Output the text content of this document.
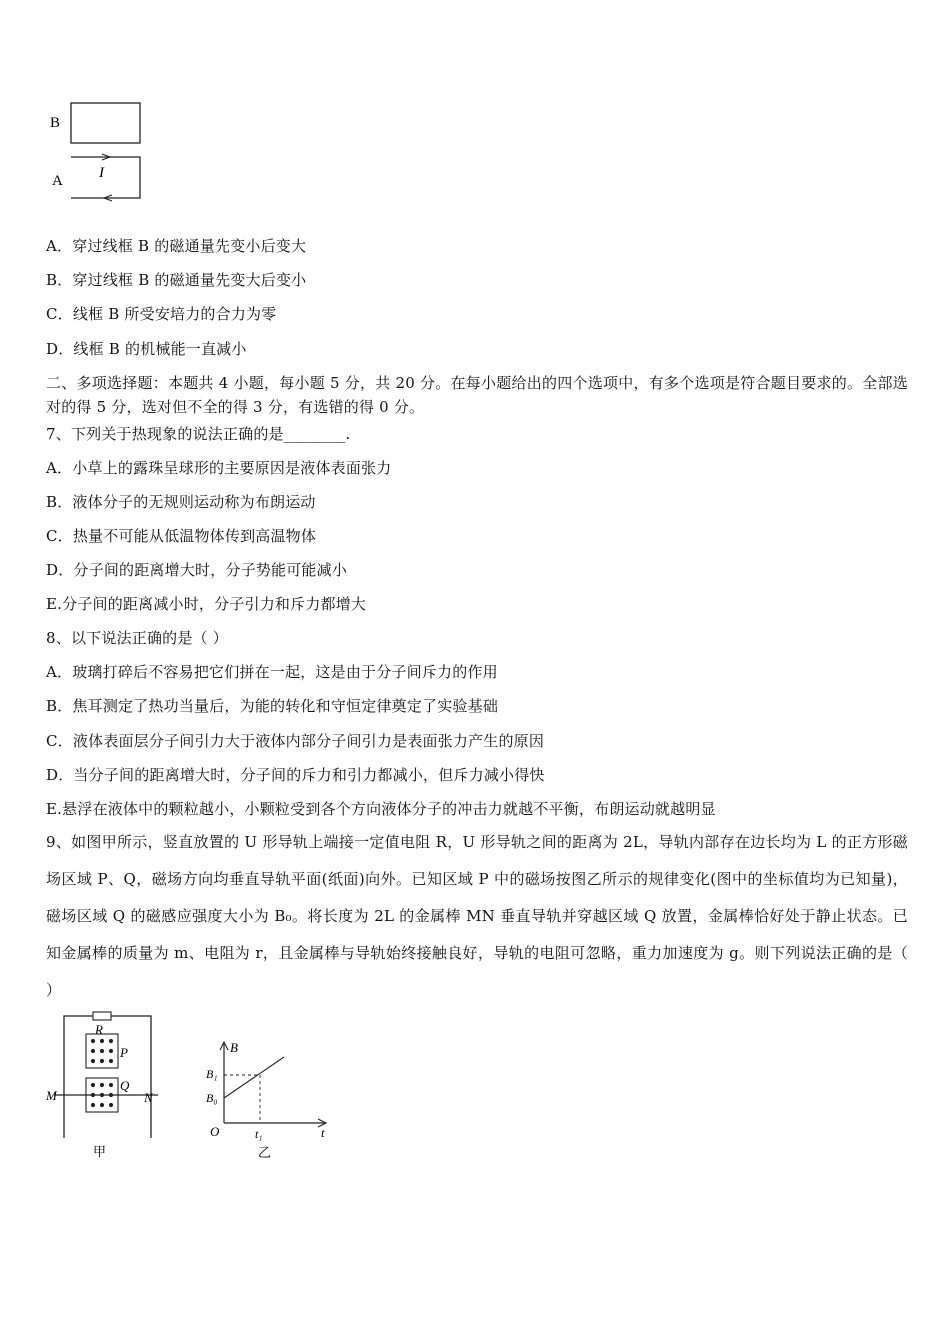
B
A I
A．穿过线框 B 的磁通量先变小后变大
B．穿过线框 B 的磁通量先变大后变小
C．线框 B 所受安培力的合力为零
D．线框 B 的机械能一直减小
二、多项选择题：本题共 4 小题，每小题 5 分，共 20 分。在每小题给出的四个选项中，有多个选项是符合题目要求的。全部选对的得 5 分，选对但不全的得 3 分，有选错的得 0 分。
7、下列关于热现象的说法正确的是________.
A．小草上的露珠呈球形的主要原因是液体表面张力
B．液体分子的无规则运动称为布朗运动
C．热量不可能从低温物体传到高温物体
D．分子间的距离增大时，分子势能可能减小
E.分子间的距离减小时，分子引力和斥力都增大
8、以下说法正确的是（ ）
A．玻璃打碎后不容易把它们拼在一起，这是由于分子间斥力的作用
B．焦耳测定了热功当量后，为能的转化和守恒定律奠定了实验基础
C．液体表面层分子间引力大于液体内部分子间引力是表面张力产生的原因
D．当分子间的距离增大时，分子间的斥力和引力都减小，但斥力减小得快
E.悬浮在液体中的颗粒越小，小颗粒受到各个方向液体分子的冲击力就越不平衡，布朗运动就越明显
9、如图甲所示，竖直放置的 U 形导轨上端接一定值电阻 R，U 形导轨之间的距离为 2L，导轨内部存在边长均为 L 的正方形磁场区域 P、Q，磁场方向均垂直导轨平面(纸面)向外。已知区域 P 中的磁场按图乙所示的规律变化(图中的坐标值均为已知量)，磁场区域 Q 的磁感应强度大小为 B₀。将长度为 2L 的金属棒 MN 垂直导轨并穿越区域 Q 放置，金属棒恰好处于静止状态。已知金属棒的质量为 m、电阻为 r，且金属棒与导轨始终接触良好，导轨的电阻可忽略，重力加速度为 g。则下列说法正确的是（ ）
R
P
Q
M	N
甲
B
B₁
B₀
O	t₁	t
乙
